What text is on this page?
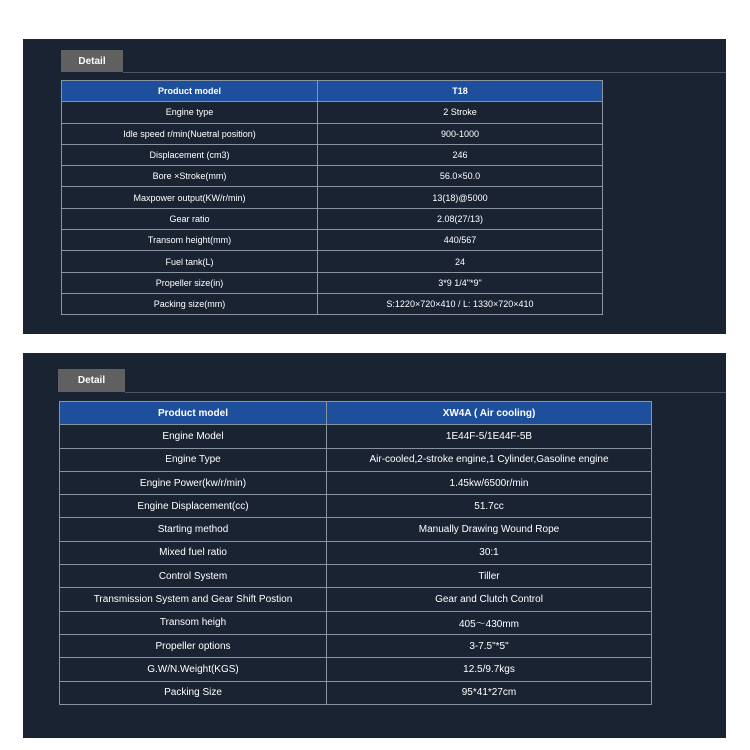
Detail
Product model	T18
Engine type	2 Stroke
Idle speed r/min(Nuetral position)	900-1000
Displacement (cm3)	246
Bore ×Stroke(mm)	56.0×50.0
Maxpower output(KW/r/min)	13(18)@5000
Gear ratio	2.08(27/13)
Transom height(mm)	440/567
Fuel tank(L)	24
Propeller size(in)	3*9 1/4"*9"
Packing size(mm)	S:1220×720×410 / L: 1330×720×410
Detail
Product model	XW4A ( Air cooling)
Engine Model	1E44F-5/1E44F-5B
Engine Type	Air-cooled,2-stroke engine,1 Cylinder,Gasoline engine
Engine Power(kw/r/min)	1.45kw/6500r/min
Engine Displacement(cc)	51.7cc
Starting method	Manually Drawing Wound Rope
Mixed fuel ratio	30:1
Control System	Tiller
Transmission System and Gear Shift Postion	Gear and Clutch Control
Transom heigh	405～430mm
Propeller options	3-7.5"*5"
G.W/N.Weight(KGS)	12.5/9.7kgs
Packing Size	95*41*27cm
